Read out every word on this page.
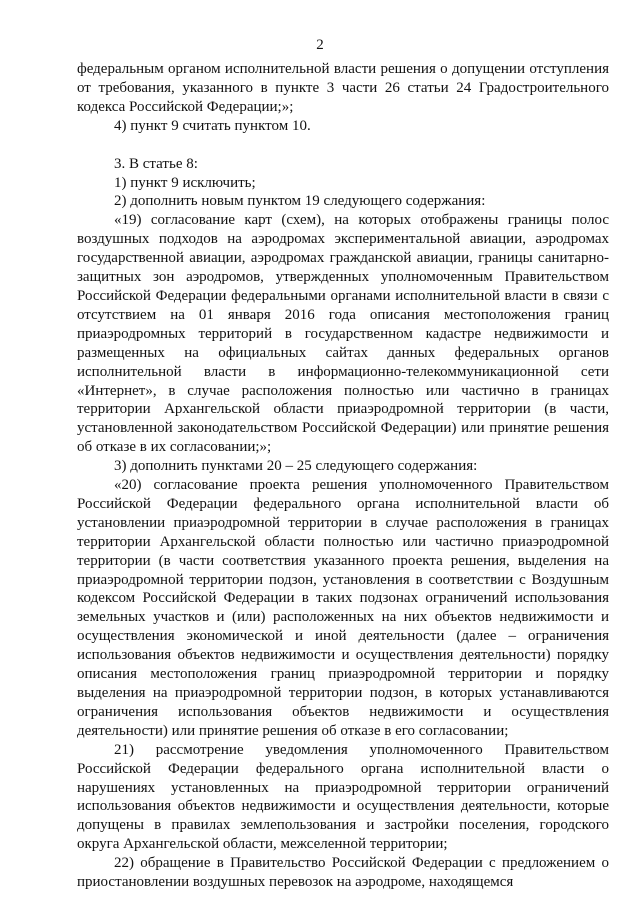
2

федеральным органом исполнительной власти решения о допущении отступления от требования, указанного в пункте 3 части 26 статьи 24 Градостроительного кодекса Российской Федерации;»;

4) пункт 9 считать пунктом 10.

3. В статье 8:

1) пункт 9 исключить;

2) дополнить новым пунктом 19 следующего содержания:

«19) согласование карт (схем), на которых отображены границы полос воздушных подходов на аэродромах экспериментальной авиации, аэродромах государственной авиации, аэродромах гражданской авиации, границы санитарно-защитных зон аэродромов, утвержденных уполномоченным Правительством Российской Федерации федеральными органами исполнительной власти в связи с отсутствием на 01 января 2016 года описания местоположения границ приаэродромных территорий в государственном кадастре недвижимости и размещенных на официальных сайтах данных федеральных органов исполнительной власти в информационно-телекоммуникационной сети «Интернет», в случае расположения полностью или частично в границах территории Архангельской области приаэродромной территории (в части, установленной законодательством Российской Федерации) или принятие решения об отказе в их согласовании;»;

3) дополнить пунктами 20 – 25 следующего содержания:

«20) согласование проекта решения уполномоченного Правительством Российской Федерации федерального органа исполнительной власти об установлении приаэродромной территории в случае расположения в границах территории Архангельской области полностью или частично приаэродромной территории (в части соответствия указанного проекта решения, выделения на приаэродромной территории подзон, установления в соответствии с Воздушным кодексом Российской Федерации в таких подзонах ограничений использования земельных участков и (или) расположенных на них объектов недвижимости и осуществления экономической и иной деятельности (далее – ограничения использования объектов недвижимости и осуществления деятельности) порядку описания местоположения границ приаэродромной территории и порядку выделения на приаэродромной территории подзон, в которых устанавливаются ограничения использования объектов недвижимости и осуществления деятельности) или принятие решения об отказе в его согласовании;

21) рассмотрение уведомления уполномоченного Правительством Российской Федерации федерального органа исполнительной власти о нарушениях установленных на приаэродромной территории ограничений использования объектов недвижимости и осуществления деятельности, которые допущены в правилах землепользования и застройки поселения, городского округа Архангельской области, межселенной территории;

22) обращение в Правительство Российской Федерации с предложением о приостановлении воздушных перевозок на аэродроме, находящемся
